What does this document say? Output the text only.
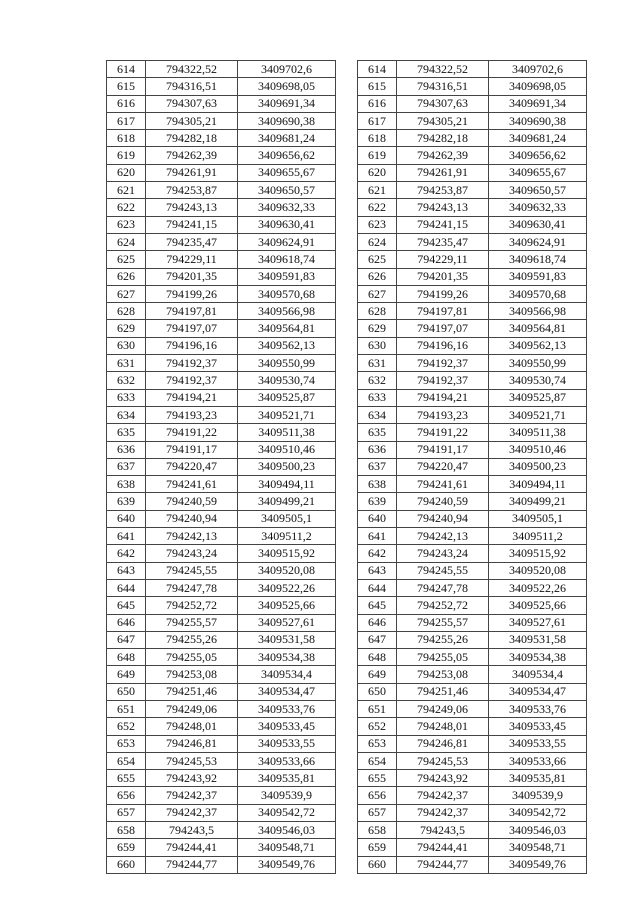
614	794322,52	3409702,6
615	794316,51	3409698,05
616	794307,63	3409691,34
617	794305,21	3409690,38
618	794282,18	3409681,24
619	794262,39	3409656,62
620	794261,91	3409655,67
621	794253,87	3409650,57
622	794243,13	3409632,33
623	794241,15	3409630,41
624	794235,47	3409624,91
625	794229,11	3409618,74
626	794201,35	3409591,83
627	794199,26	3409570,68
628	794197,81	3409566,98
629	794197,07	3409564,81
630	794196,16	3409562,13
631	794192,37	3409550,99
632	794192,37	3409530,74
633	794194,21	3409525,87
634	794193,23	3409521,71
635	794191,22	3409511,38
636	794191,17	3409510,46
637	794220,47	3409500,23
638	794241,61	3409494,11
639	794240,59	3409499,21
640	794240,94	3409505,1
641	794242,13	3409511,2
642	794243,24	3409515,92
643	794245,55	3409520,08
644	794247,78	3409522,26
645	794252,72	3409525,66
646	794255,57	3409527,61
647	794255,26	3409531,58
648	794255,05	3409534,38
649	794253,08	3409534,4
650	794251,46	3409534,47
651	794249,06	3409533,76
652	794248,01	3409533,45
653	794246,81	3409533,55
654	794245,53	3409533,66
655	794243,92	3409535,81
656	794242,37	3409539,9
657	794242,37	3409542,72
658	794243,5	3409546,03
659	794244,41	3409548,71
660	794244,77	3409549,76
614	794322,52	3409702,6
615	794316,51	3409698,05
616	794307,63	3409691,34
617	794305,21	3409690,38
618	794282,18	3409681,24
619	794262,39	3409656,62
620	794261,91	3409655,67
621	794253,87	3409650,57
622	794243,13	3409632,33
623	794241,15	3409630,41
624	794235,47	3409624,91
625	794229,11	3409618,74
626	794201,35	3409591,83
627	794199,26	3409570,68
628	794197,81	3409566,98
629	794197,07	3409564,81
630	794196,16	3409562,13
631	794192,37	3409550,99
632	794192,37	3409530,74
633	794194,21	3409525,87
634	794193,23	3409521,71
635	794191,22	3409511,38
636	794191,17	3409510,46
637	794220,47	3409500,23
638	794241,61	3409494,11
639	794240,59	3409499,21
640	794240,94	3409505,1
641	794242,13	3409511,2
642	794243,24	3409515,92
643	794245,55	3409520,08
644	794247,78	3409522,26
645	794252,72	3409525,66
646	794255,57	3409527,61
647	794255,26	3409531,58
648	794255,05	3409534,38
649	794253,08	3409534,4
650	794251,46	3409534,47
651	794249,06	3409533,76
652	794248,01	3409533,45
653	794246,81	3409533,55
654	794245,53	3409533,66
655	794243,92	3409535,81
656	794242,37	3409539,9
657	794242,37	3409542,72
658	794243,5	3409546,03
659	794244,41	3409548,71
660	794244,77	3409549,76
